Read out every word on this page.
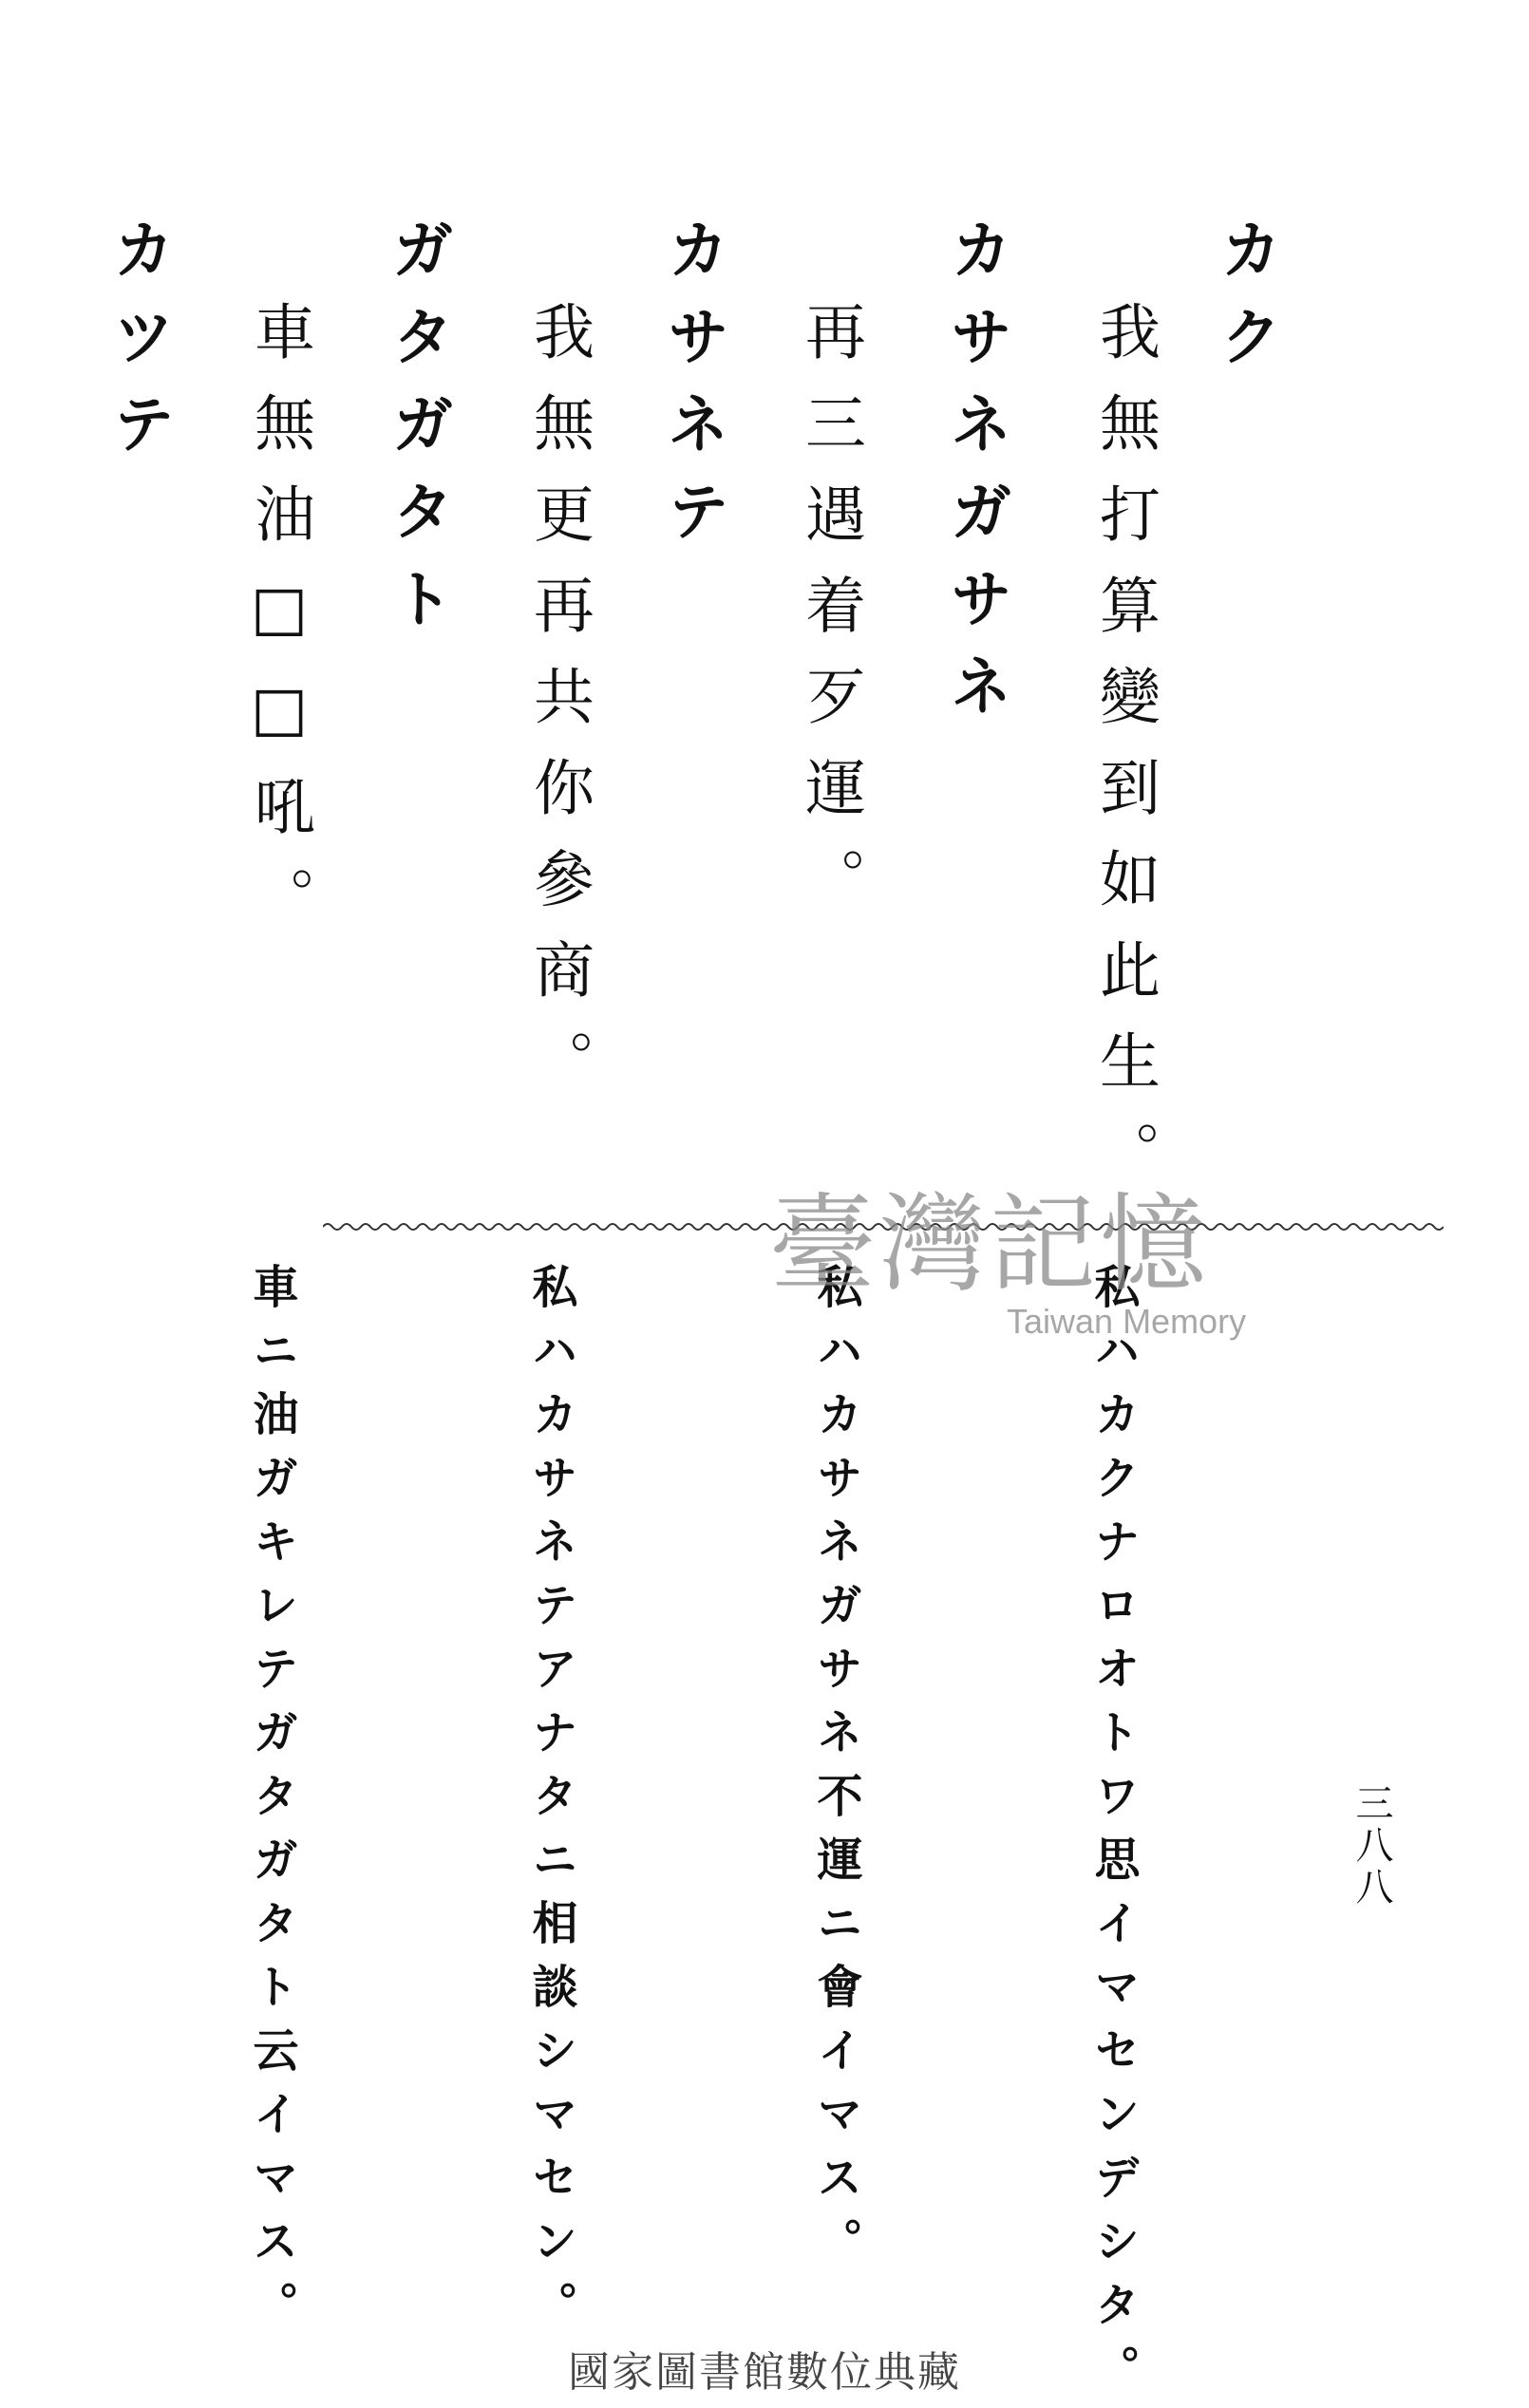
カク
我無打算變到如此生。
カサネガサネ
再三遇着歹運。
カサネテ
我無更再共你參商。
ガタガタト
車無油□□吼。
カツテ
私ハカクナロオトワ思イマセンデシタ。
私ハカサネガサネ不運ニ會イマス。
私ハカサネテアナタニ相談シマセン。
車ニ油ガキレテガタガタト云イマス。	三八八
臺灣記憶
Taiwan Memory
國家圖書館數位典藏
